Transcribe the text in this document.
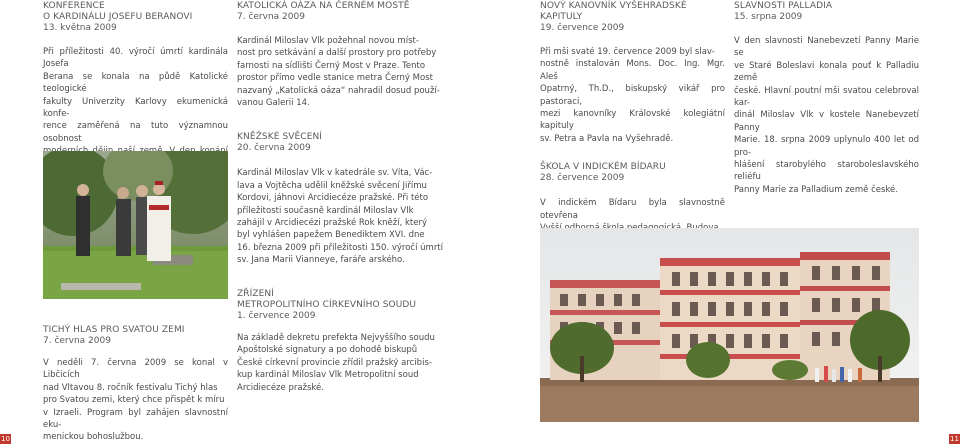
KONFERENCE
O KARDINÁLU JOSEFU BERANOVI
13. května 2009

Při příležitosti 40. výročí úmrtí kardinála Josefa
Berana se konala na půdě Katolické teologické
fakulty Univerzity Karlovy ekumenická konfe-
rence zaměřená na tuto významnou osobnost

TICHÝ HLAS PRO SVATOU ZEMI
7. června 2009

V neděli 7. června 2009 se konal v Libčicích
nad Vltavou 8. ročník festivalu Tichý hlas
pro Svatou zemi, který chce přispět k míru
v Izraeli. Program byl zahájen slavnostní eku-
menickou bohoslužbou.

KATOLICKÁ OÁZA NA ČERNÉM MOSTĚ
7. června 2009

Kardinál Miloslav Vlk požehnal novou míst-
nost pro setkávání a další prostory pro potřeby
farnosti na sídlišti Černý Most v Praze. Tento
prostor přímo vedle stanice metra Černý Most
nazvaný „Katolická oáza“ nahradil dosud použí-
vanou Galerii 14.

KNĚŽSKÉ SVĚCENÍ
20. června 2009

Kardinál Miloslav Vlk v katedrále sv. Víta, Vác-
lava a Vojtěcha udělil kněžské svěcení Jiřímu
Kordovi, jáhnovi Arcidiecéze pražské. Při této
příležitosti současně kardinál Miloslav Vlk
zahájil v Arcidiecézi pražské Rok kněží, který
byl vyhlášen papežem Benediktem XVI. dne
16. března 2009 při příležitosti 150. výročí úmrtí
sv. Jana Marii Vianneye, faráře arského.

ZŘÍZENÍ
METROPOLITNÍHO CÍRKEVNÍHO SOUDU
1. července 2009

Na základě dekretu prefekta Nejvyššího soudu
Apoštolské signatury a po dohodě biskupů
České církevní provincie zřídil pražský arcibis-
kup kardinál Miloslav Vlk Metropolitní soud
Arcidiecéze pražské.

NOVÝ KANOVNÍK VYŠEHRADSKÉ KAPITULY
19. července 2009

Při mši svaté 19. července 2009 byl slav-
nostně instalován Mons. Doc. Ing. Mgr. Aleš
Opatrný, Th.D., biskupský vikář pro pastoraci,
mezi kanovníky Královské kolegiátní kapituly
sv. Petra a Pavla na Vyšehradě.

ŠKOLA V INDICKÉM BÍDARU
28. července 2009

V indickém Bídaru byla slavnostně otevřena

SLAVNOSTI PALLADIA
15. srpna 2009

V den slavnosti Nanebevzetí Panny Marie se
ve Staré Boleslavi konala pouť k Palladiu země
české. Hlavní poutní mši svatou celebroval kar-
dinál Miloslav Vlk v kostele Nanebevzetí Panny
Marie. 18. srpna 2009 uplynulo 400 let od pro-
hlášení starobylého staroboleslavského reliéfu
Panny Marie za Palladium země české.

10	11
